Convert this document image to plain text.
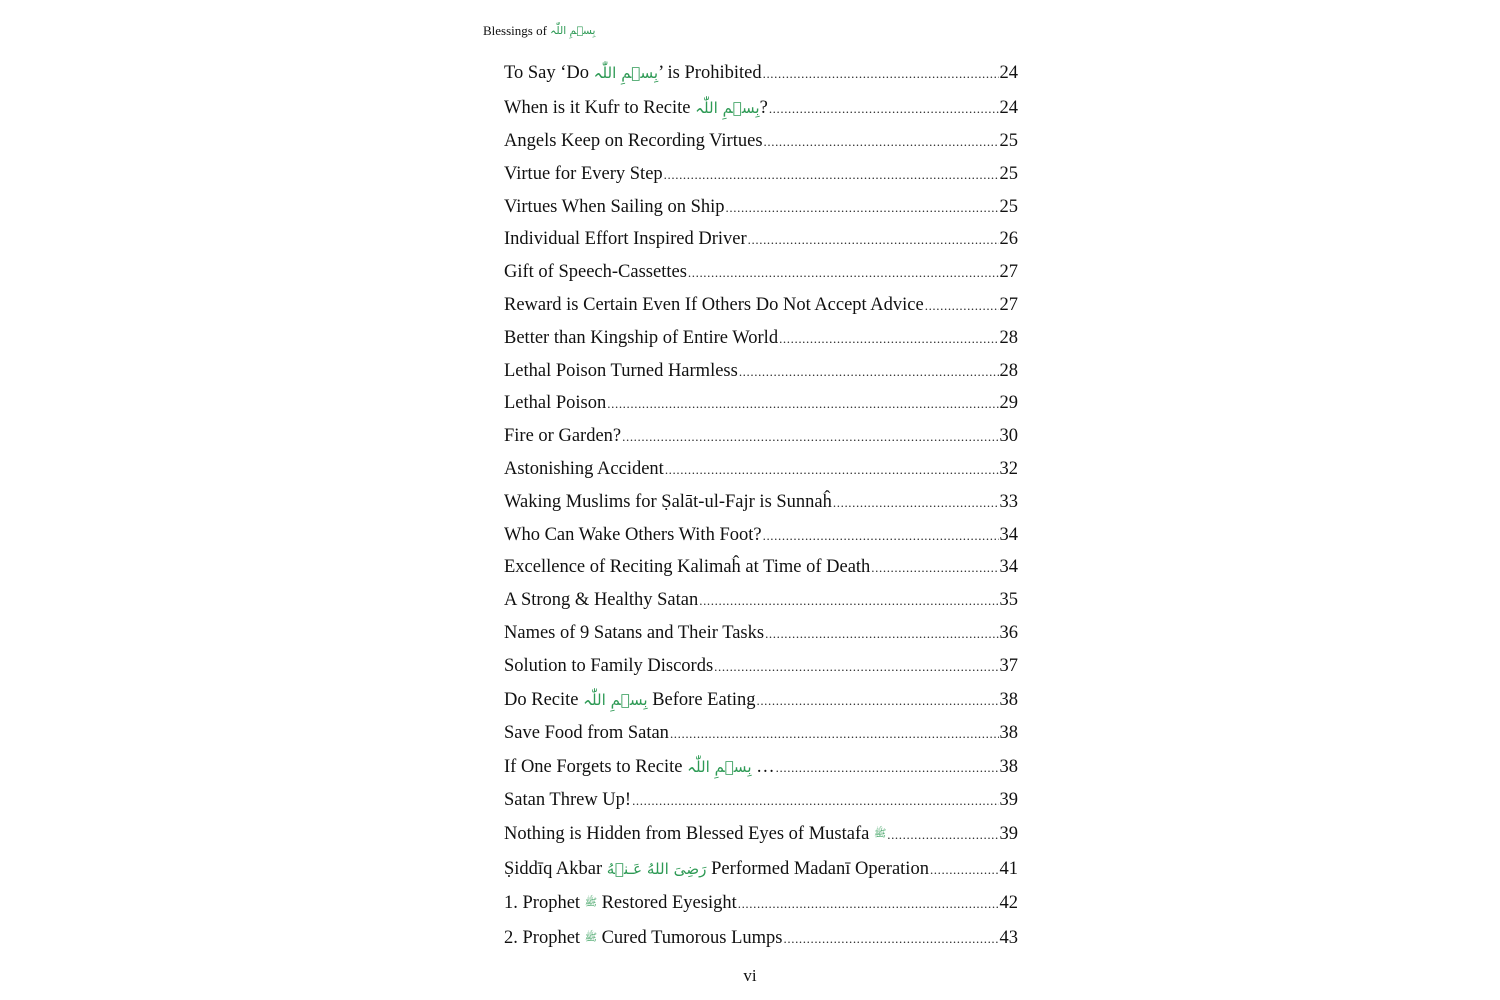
Blessings of بِسۡمِ اللّٰہ
To Say ‘Do بِسۡمِ اللّٰہ’ is Prohibited .....	24
When is it Kufr to Recite بِسۡمِ اللّٰہ? .....	24
Angels Keep on Recording Virtues .....	25
Virtue for Every Step .....	25
Virtues When Sailing on Ship .....	25
Individual Effort Inspired Driver .....	26
Gift of Speech-Cassettes .....	27
Reward is Certain Even If Others Do Not Accept Advice .....	27
Better than Kingship of Entire World .....	28
Lethal Poison Turned Harmless .....	28
Lethal Poison .....	29
Fire or Garden? .....	30
Astonishing Accident .....	32
Waking Muslims for Ṣalāt-ul-Fajr is Sunnaĥ .....	33
Who Can Wake Others With Foot? .....	34
Excellence of Reciting Kalimaĥ at Time of Death .....	34
A Strong & Healthy Satan .....	35
Names of 9 Satans and Their Tasks .....	36
Solution to Family Discords .....	37
Do Recite بِسۡمِ اللّٰہ Before Eating .....	38
Save Food from Satan .....	38
If One Forgets to Recite بِسۡمِ اللّٰہ … .....	38
Satan Threw Up! .....	39
Nothing is Hidden from Blessed Eyes of Mustafa ﷺ .....	39
Ṣiddīq Akbar رَضِیَ اللهُ عَـنۡهُ Performed Madanī Operation .....	41
1. Prophet ﷺ Restored Eyesight .....	42
2. Prophet ﷺ Cured Tumorous Lumps .....	43
vi
